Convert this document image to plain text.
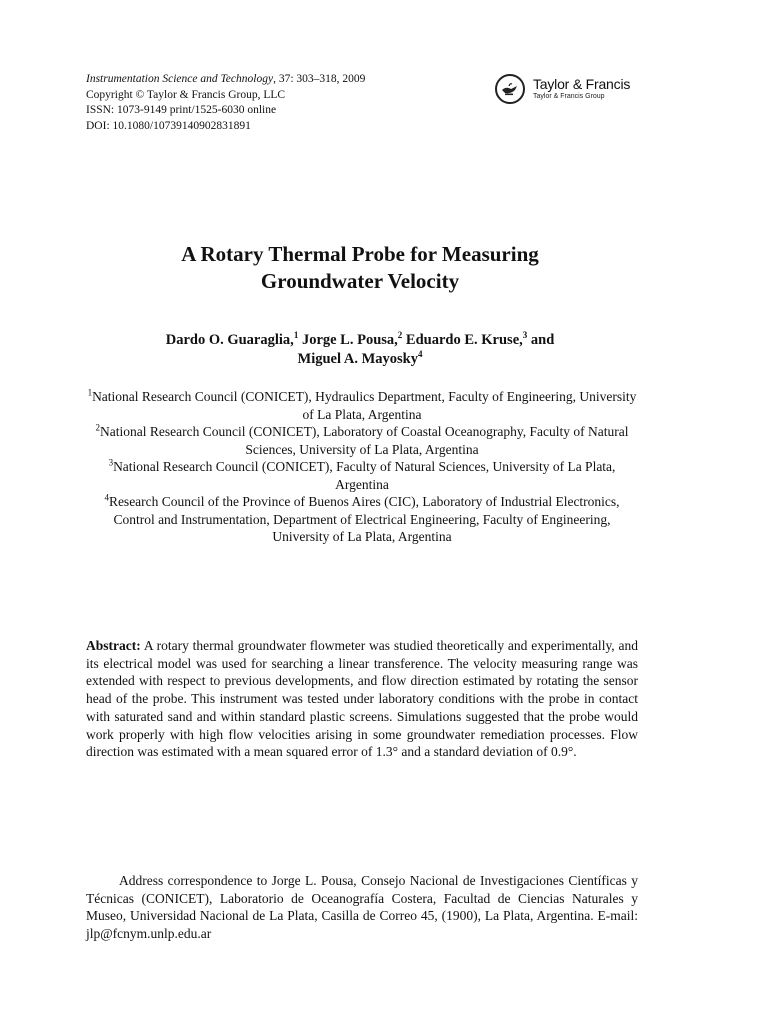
Instrumentation Science and Technology, 37: 303–318, 2009
Copyright © Taylor & Francis Group, LLC
ISSN: 1073-9149 print/1525-6030 online
DOI: 10.1080/10739140902831891
Taylor & Francis
Taylor & Francis Group
A Rotary Thermal Probe for Measuring
Groundwater Velocity
Dardo O. Guaraglia,$^1$ Jorge L. Pousa,$^2$ Eduardo E. Kruse,$^3$ and
Miguel A. Mayosky$^4$
$^1$National Research Council (CONICET), Hydraulics Department, Faculty of Engineering, University of La Plata, Argentina
$^2$National Research Council (CONICET), Laboratory of Coastal Oceanography, Faculty of Natural Sciences, University of La Plata, Argentina
$^3$National Research Council (CONICET), Faculty of Natural Sciences, University of La Plata, Argentina
$^4$Research Council of the Province of Buenos Aires (CIC), Laboratory of Industrial Electronics, Control and Instrumentation, Department of Electrical Engineering, Faculty of Engineering, University of La Plata, Argentina
Abstract: A rotary thermal groundwater flowmeter was studied theoretically and experimentally, and its electrical model was used for searching a linear transference. The velocity measuring range was extended with respect to previous developments, and flow direction estimated by rotating the sensor head of the probe. This instrument was tested under laboratory conditions with the probe in contact with saturated sand and within standard plastic screens. Simulations suggested that the probe would work properly with high flow velocities arising in some groundwater remediation processes. Flow direction was estimated with a mean squared error of 1.3° and a standard deviation of 0.9°.
Address correspondence to Jorge L. Pousa, Consejo Nacional de Investigaciones Científicas y Técnicas (CONICET), Laboratorio de Oceanografía Costera, Facultad de Ciencias Naturales y Museo, Universidad Nacional de La Plata, Casilla de Correo 45, (1900), La Plata, Argentina. E-mail: jlp@fcnym.unlp.edu.ar
